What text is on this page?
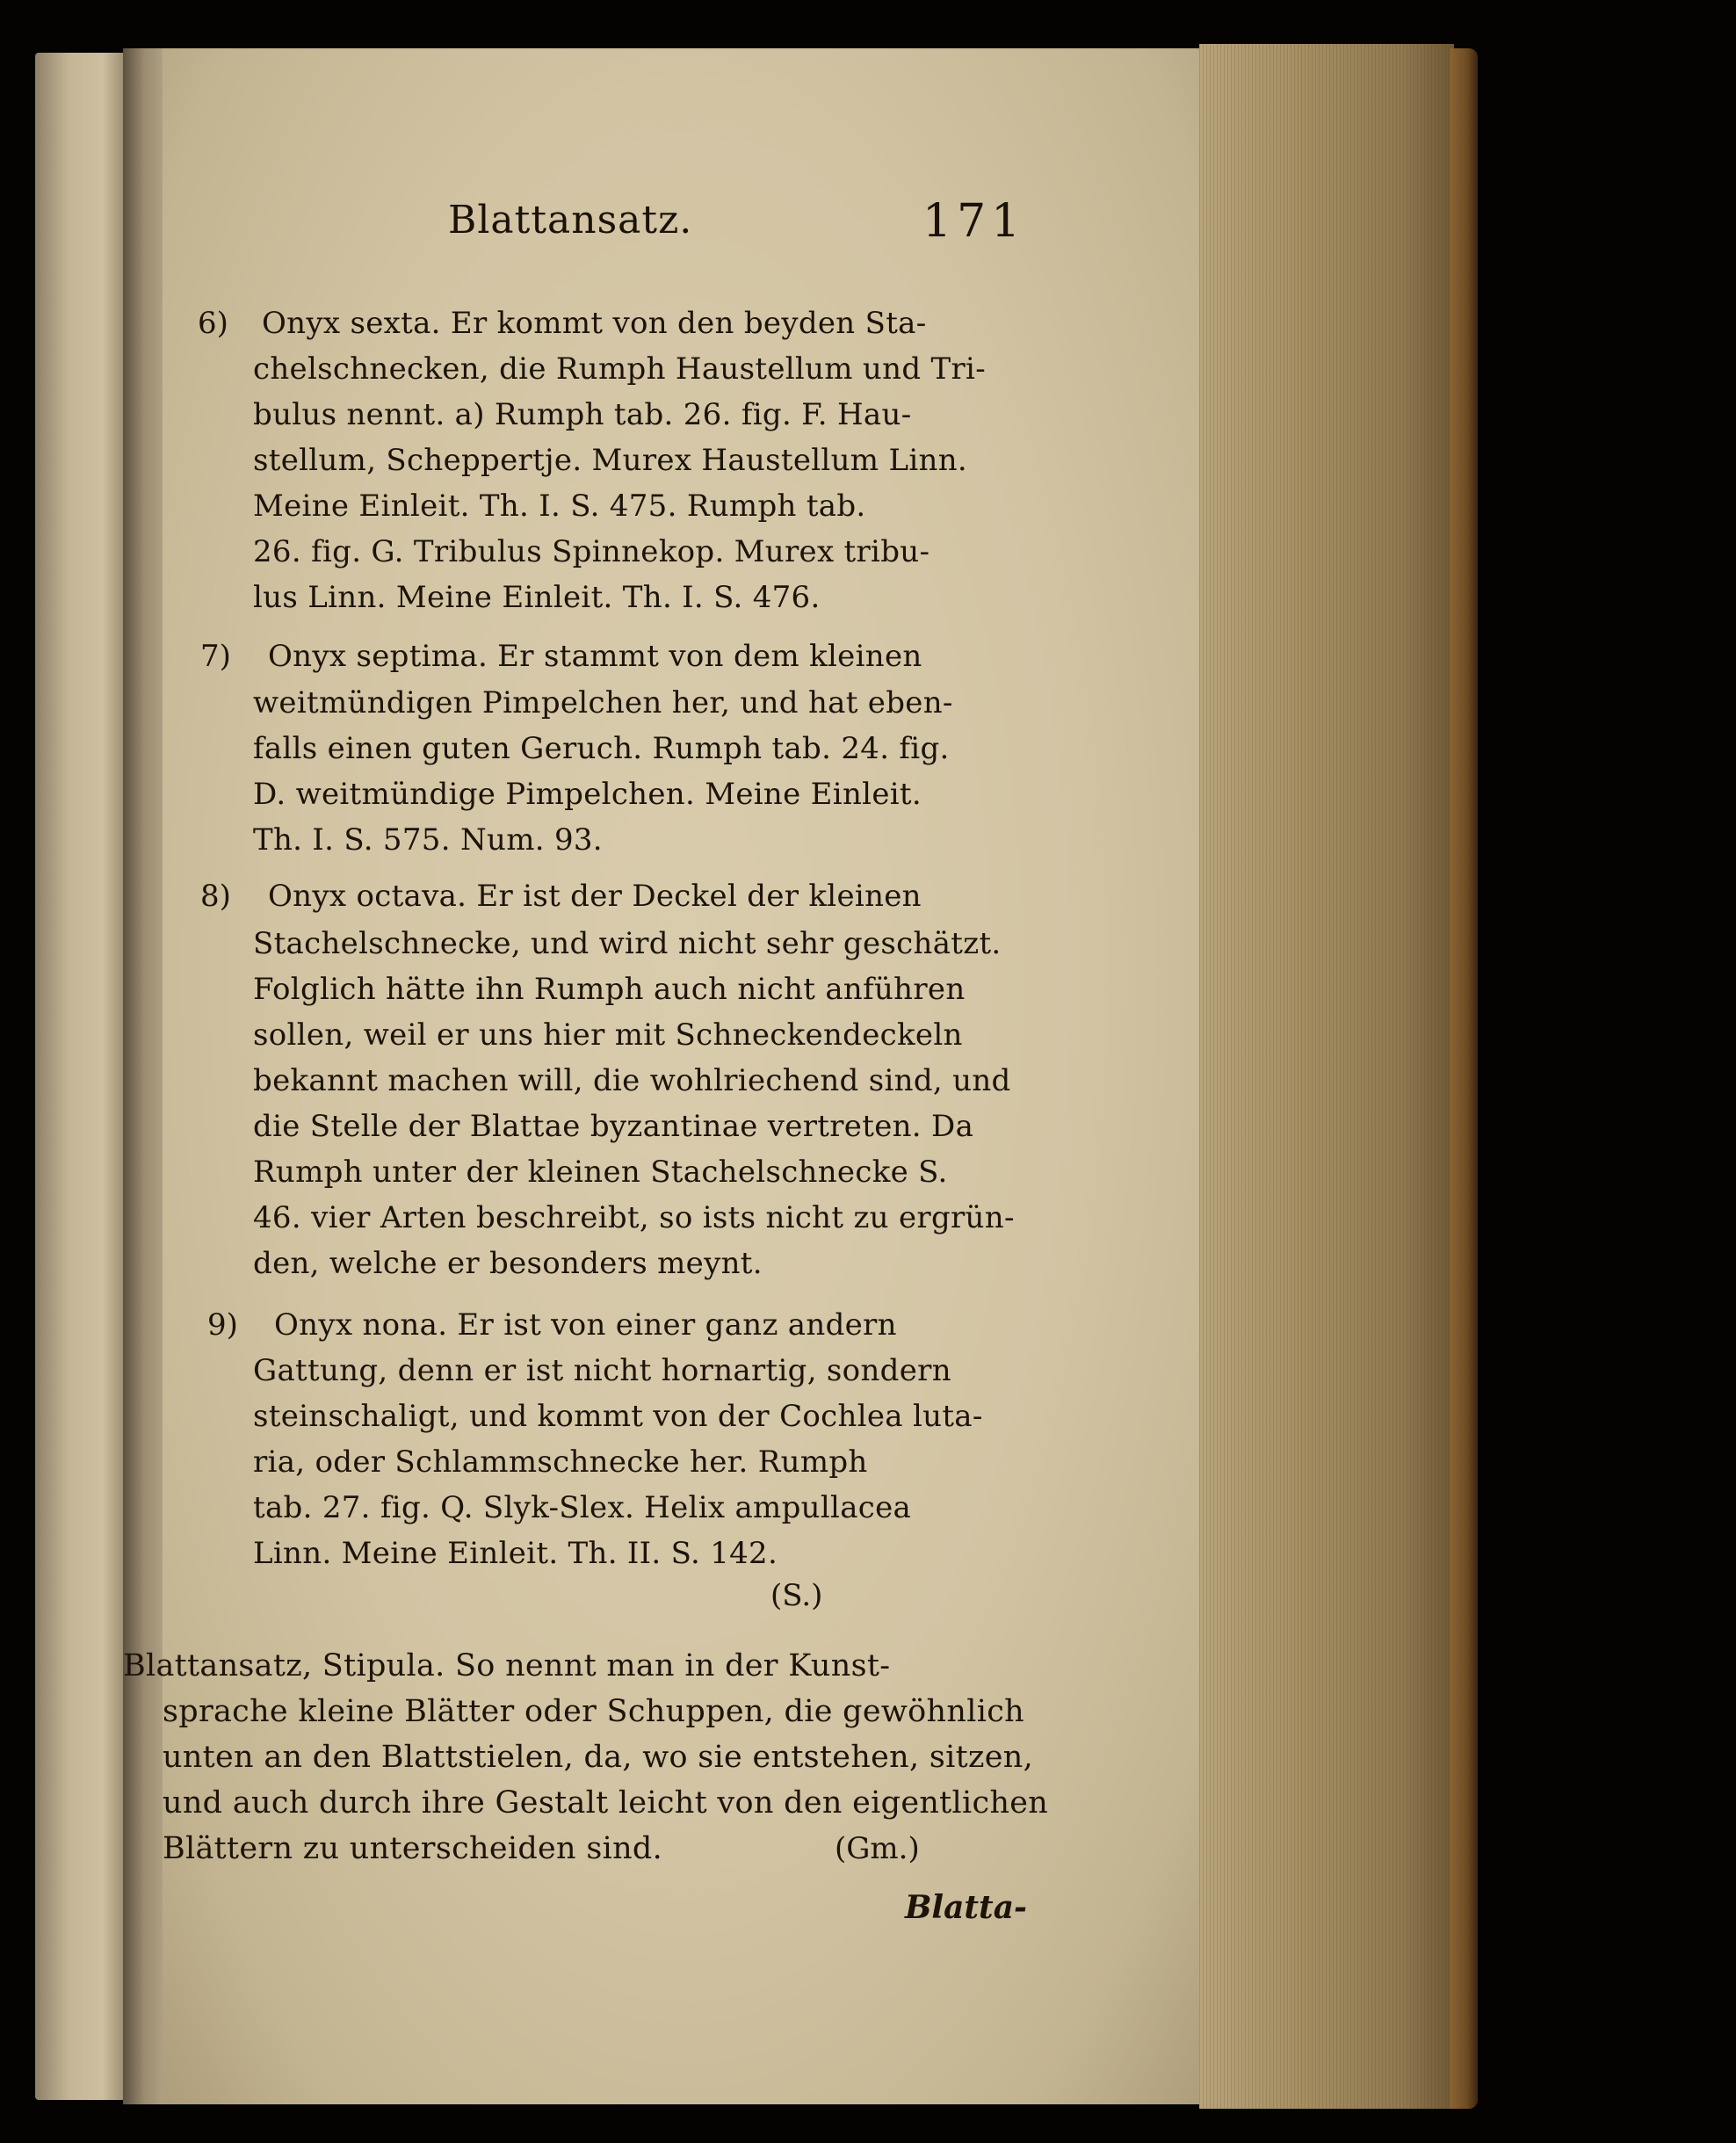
Blattansatz.	171
6) Onyx sexta. Er kommt von den beyden Sta-
chelschnecken, die Rumph Haustellum und Tri-
bulus nennt. a) Rumph tab. 26. fig. F. Hau-
stellum, Scheppertje. Murex Haustellum Linn.
Meine Einleit. Th. I. S. 475. Rumph tab.
26. fig. G. Tribulus Spinnekop. Murex tribu-
lus Linn. Meine Einleit. Th. I. S. 476.
7) Onyx septima. Er stammt von dem kleinen
weitmündigen Pimpelchen her, und hat eben-
falls einen guten Geruch. Rumph tab. 24. fig.
D. weitmündige Pimpelchen. Meine Einleit.
Th. I. S. 575. Num. 93.
8) Onyx octava. Er ist der Deckel der kleinen
Stachelschnecke, und wird nicht sehr geschätzt.
Folglich hätte ihn Rumph auch nicht anführen
sollen, weil er uns hier mit Schneckendeckeln
bekannt machen will, die wohlriechend sind, und
die Stelle der Blattae byzantinae vertreten. Da
Rumph unter der kleinen Stachelschnecke S.
46. vier Arten beschreibt, so ists nicht zu ergrün-
den, welche er besonders meynt.
9) Onyx nona. Er ist von einer ganz andern
Gattung, denn er ist nicht hornartig, sondern
steinschaligt, und kommt von der Cochlea luta-
ria, oder Schlammschnecke her. Rumph
tab. 27. fig. Q. Slyk-Slex. Helix ampullacea
Linn. Meine Einleit. Th. II. S. 142.
(S.)
Blattansatz, Stipula. So nennt man in der Kunst-
sprache kleine Blätter oder Schuppen, die gewöhnlich
unten an den Blattstielen, da, wo sie entstehen, sitzen,
und auch durch ihre Gestalt leicht von den eigentlichen
Blättern zu unterscheiden sind.	(Gm.)
Blatta-
